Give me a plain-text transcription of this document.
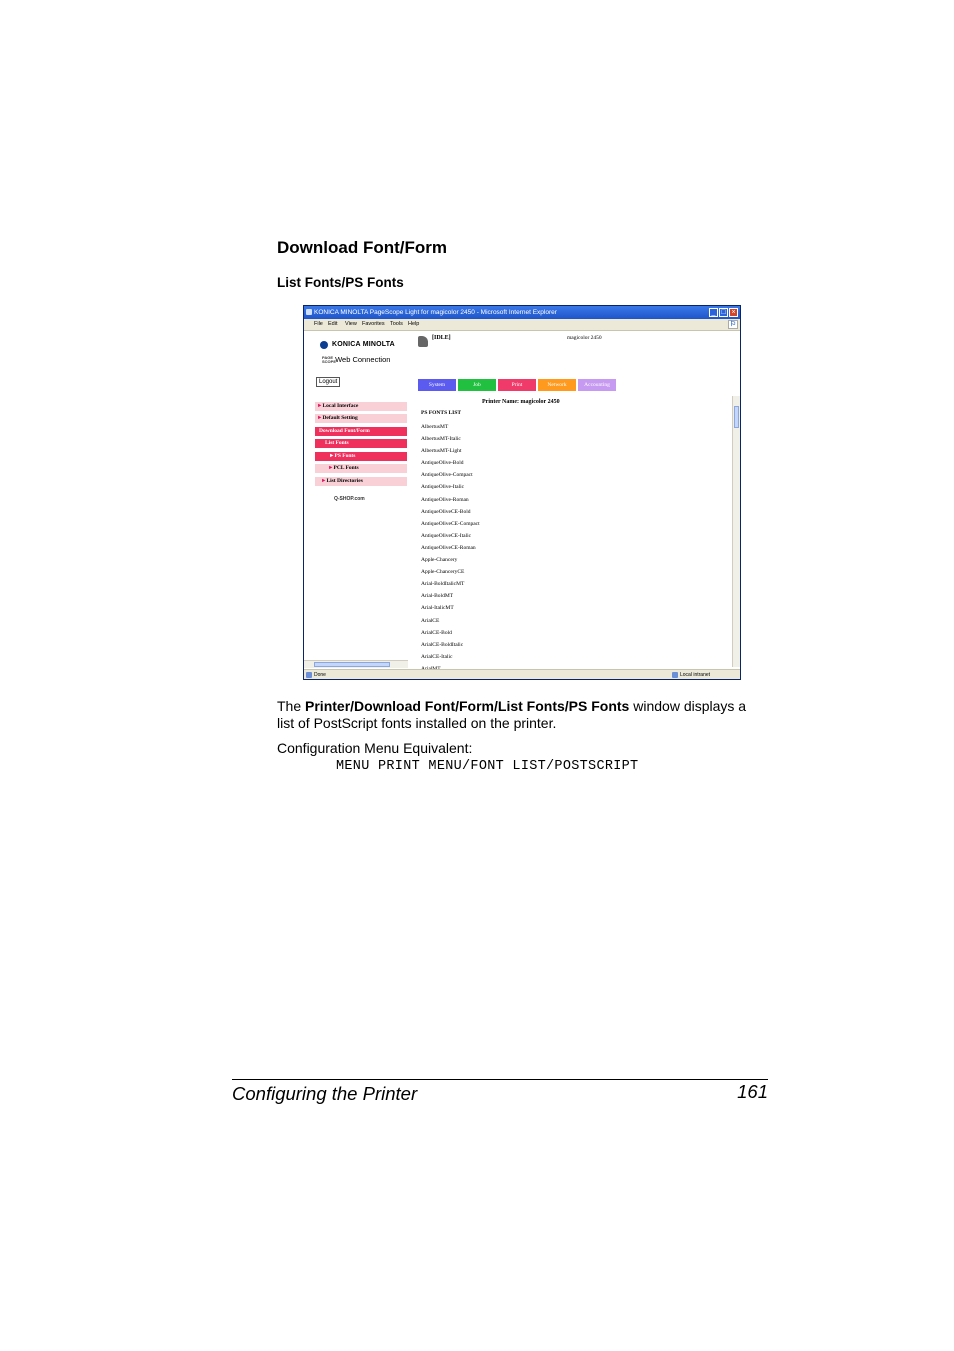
Download Font/Form
List Fonts/PS Fonts
KONICA MINOLTA PageScope Light for magicolor 2450 - Microsoft Internet Explorer	_ □ ×
File Edit View Favorites Tools Help	⚐
KONICA MINOLTA
PAGE SCOPE Web Connection
Logout
[IDLE]	magicolor 2450
System	Job	Print	Network	Accounting
►Local Interface
►Default Setting
Download Font/Form
List Fonts
►PS Fonts
►PCL Fonts
►List Directories
Q-SHOP.com
Printer Name: magicolor 2450
PS FONTS LIST
AlbertusMT
AlbertusMT-Italic
AlbertusMT-Light
AntiqueOlive-Bold
AntiqueOlive-Compact
AntiqueOlive-Italic
AntiqueOlive-Roman
AntiqueOliveCE-Bold
AntiqueOliveCE-Compact
AntiqueOliveCE-Italic
AntiqueOliveCE-Roman
Apple-Chancery
Apple-ChanceryCE
Arial-BoldItalicMT
Arial-BoldMT
Arial-ItalicMT
ArialCE
ArialCE-Bold
ArialCE-BoldItalic
ArialCE-Italic
Done	Local intranet
The Printer/Download Font/Form/List Fonts/PS Fonts window displays a list of PostScript fonts installed on the printer.
Configuration Menu Equivalent:
MENU PRINT MENU/FONT LIST/POSTSCRIPT
Configuring the Printer	161
